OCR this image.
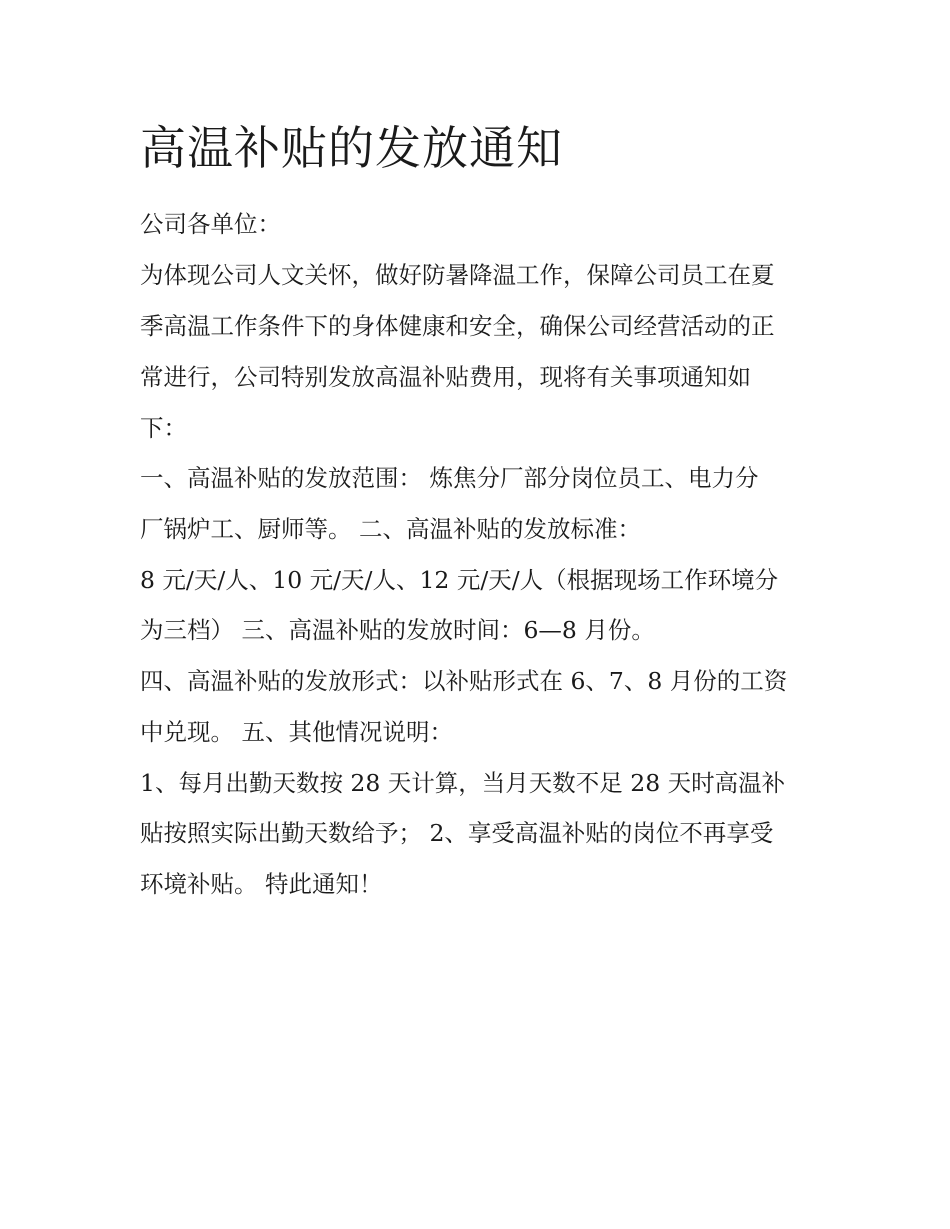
高温补贴的发放通知

公司各单位：

为体现公司人文关怀，做好防暑降温工作，保障公司员工在夏

季高温工作条件下的身体健康和安全，确保公司经营活动的正

常进行，公司特别发放高温补贴费用，现将有关事项通知如

下：

一、高温补贴的发放范围： 炼焦分厂部分岗位员工、电力分

厂锅炉工、厨师等。 二、高温补贴的发放标准：

8 元/天/人、10 元/天/人、12 元/天/人（根据现场工作环境分

为三档） 三、高温补贴的发放时间：6—8 月份。

四、高温补贴的发放形式：以补贴形式在 6、7、8 月份的工资

中兑现。 五、其他情况说明：

1、每月出勤天数按 28 天计算，当月天数不足 28 天时高温补

贴按照实际出勤天数给予； 2、享受高温补贴的岗位不再享受

环境补贴。 特此通知！
